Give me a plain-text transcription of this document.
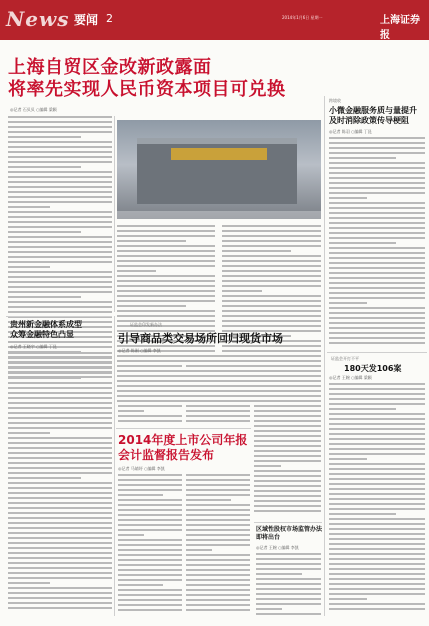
News 要闻 2	2014年1月6日 星期一	上海证券报
上海自贸区金改新政露面
将率先实现人民币资本项目可兑换
◎记者 石贝贝 ○编辑 梁颖
跨境收
小微金融服务质与量提升
及时消除政策传导梗阻
◎记者 陈羽 ○编辑 丁昆
证监会开打不平
180天发106案
◎记者 王婉 ○编辑 梁颖
贵州新金融体系成型
众筹金融特色凸显
◎记者 王晓宇 ○编辑 丁昆
证监会印发新办法
引导商品类交易场所回归现货市场
◎记者 陈刚 ○编辑 李凯
2014年度上市公司年报
会计监督报告发布
◎记者 马婧妤 ○编辑 李凯
区域性股权市场监管办法
即将出台
◎记者 王婉 ○编辑 李凯
